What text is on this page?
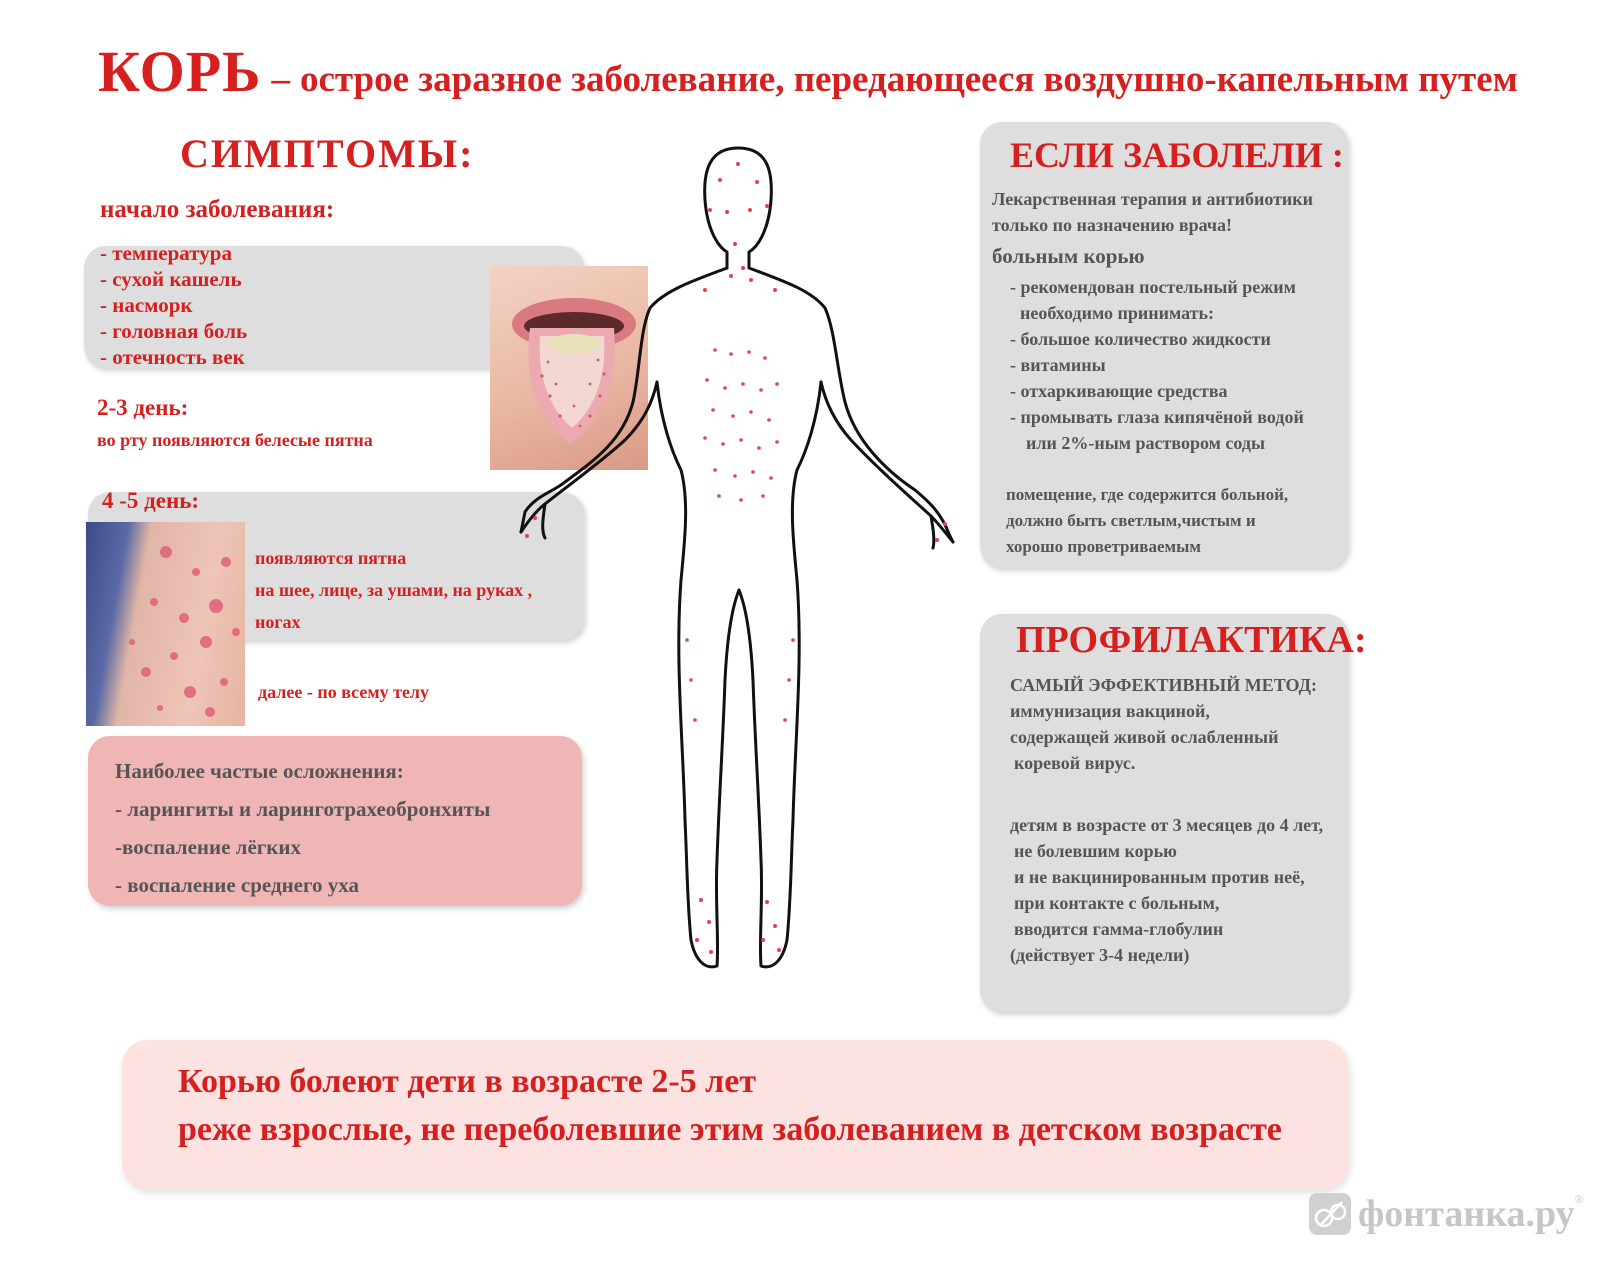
КОРЬ – острое заразное заболевание, передающееся воздушно-капельным путем
СИМПТОМЫ:
начало заболевания:
- температура
- сухой кашель
- насморк
- головная боль
- отечность век
2-3 день:
во рту появляются белесые пятна
4 -5 день:
появляются пятна
на шее, лице, за ушами, на руках ,
ногах
далее - по всему телу
Наиболее частые осложнения:
- ларингиты и ларинготрахеобронхиты
-воспаление лёгких
- воспаление среднего уха
ЕСЛИ ЗАБОЛЕЛИ :
Лекарственная терапия и антибиотики
только по назначению врача!
больным корью
- рекомендован постельный режим
необходимо принимать:
- большое количество жидкости
- витамины
- отхаркивающие средства
- промывать глаза кипячёной водой
или 2%-ным раствором соды
помещение, где содержится больной,
должно быть светлым,чистым и
хорошо проветриваемым
ПРОФИЛАКТИКА:
САМЫЙ ЭФФЕКТИВНЫЙ МЕТОД:
иммунизация вакциной,
содержащей живой ослабленный
коревой вирус.
детям в возрасте от 3 месяцев до 4 лет,
не болевшим корью
и не вакцинированным против неё,
при контакте с больным,
вводится гамма-глобулин
(действует 3-4 недели)
Корью болеют дети в возрасте 2-5 лет
реже взрослые, не переболевшие этим заболеванием в детском возрасте
фонтанка.ру ®
